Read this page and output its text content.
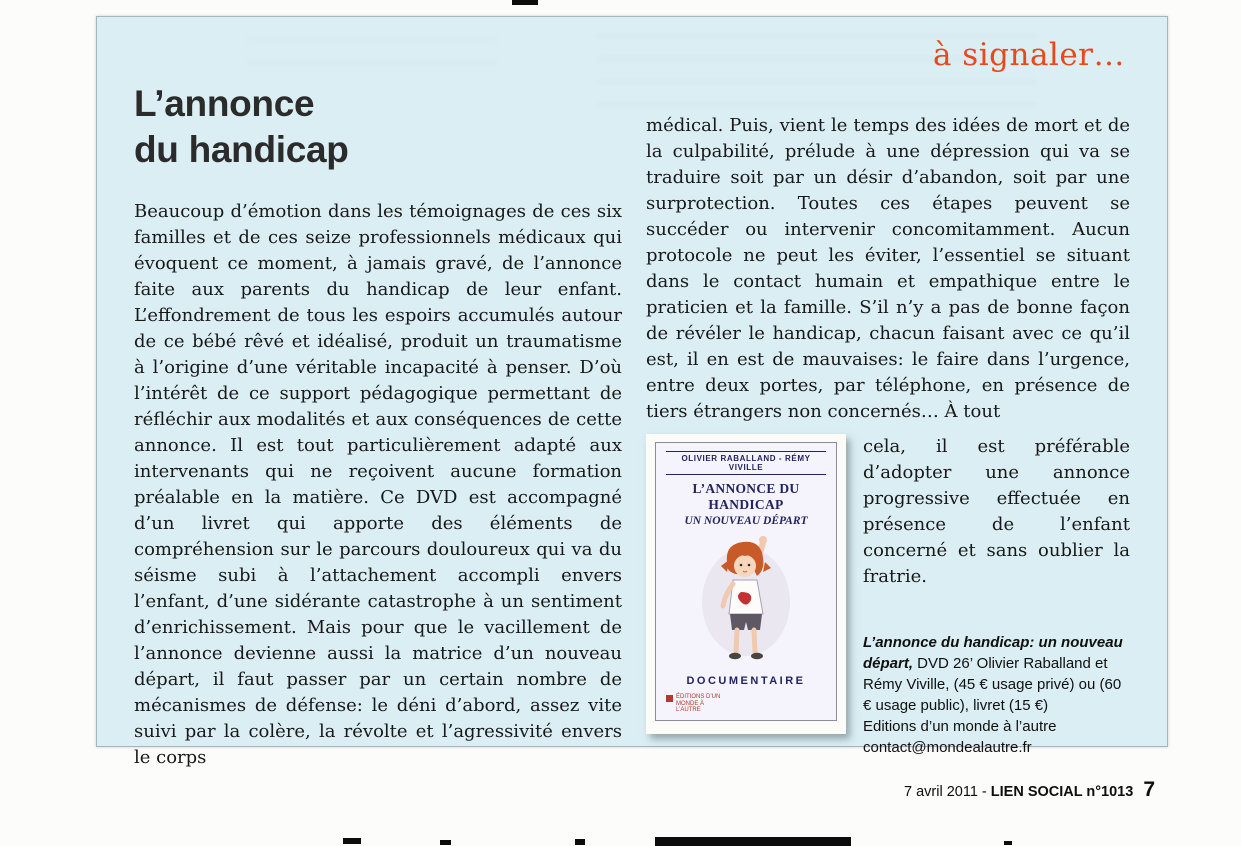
à signaler…
L’annonce
du handicap

Beaucoup d’émotion dans les témoignages de ces six familles et de ces seize professionnels médicaux qui évoquent ce moment, à jamais gravé, de l’annonce faite aux parents du handicap de leur enfant. L’effondrement de tous les espoirs accumulés autour de ce bébé rêvé et idéalisé, produit un traumatisme à l’origine d’une véritable incapacité à penser. D’où l’intérêt de ce support pédagogique permettant de réfléchir aux modalités et aux conséquences de cette annonce. Il est tout particulièrement adapté aux intervenants qui ne reçoivent aucune formation préalable en la matière. Ce DVD est accompagné d’un livret qui apporte des éléments de compréhension sur le parcours douloureux qui va du séisme subi à l’attachement accompli envers l’enfant, d’une sidérante catastrophe à un sentiment d’enrichissement. Mais pour que le vacillement de l’annonce devienne aussi la matrice d’un nouveau départ, il faut passer par un certain nombre de mécanismes de défense: le déni d’abord, assez vite suivi par la colère, la révolte et l’agressivité envers le corps

médical. Puis, vient le temps des idées de mort et de la culpabilité, prélude à une dépression qui va se traduire soit par un désir d’abandon, soit par une surprotection. Toutes ces étapes peuvent se succéder ou intervenir concomitamment. Aucun protocole ne peut les éviter, l’essentiel se situant dans le contact humain et empathique entre le praticien et la famille. S’il n’y a pas de bonne façon de révéler le handicap, chacun faisant avec ce qu’il est, il en est de mauvaises: le faire dans l’urgence, entre deux portes, par téléphone, en présence de tiers étrangers non concernés… À tout

OLIVIER RABALLAND - RÉMY VIVILLE
L’ANNONCE DU HANDICAP
UN NOUVEAU DÉPART
DOCUMENTAIRE
ÉDITIONS D’UN MONDE À L’AUTRE

cela, il est préférable d’adopter une annonce progressive effectuée en présence de l’enfant concerné et sans oublier la fratrie.

L’annonce du handicap: un nouveau départ, DVD 26’ Olivier Raballand et Rémy Viville, (45 € usage privé) ou (60 € usage public), livret (15 €)

Editions d’un monde à l’autre

contact@mondealautre.fr

7 avril 2011 - LIEN SOCIAL n°1013 7
